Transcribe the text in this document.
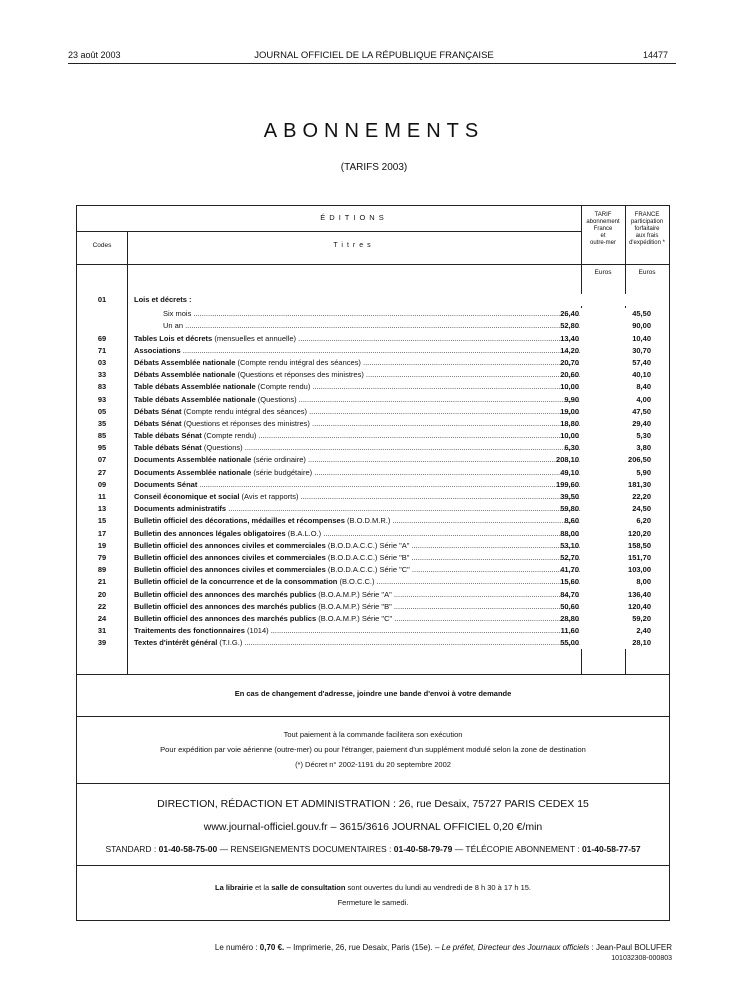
23 août 2003	JOURNAL OFFICIEL DE LA RÉPUBLIQUE FRANÇAISE	14477
ABONNEMENTS
(TARIFS 2003)
ÉDITIONS
Codes	Titres
TARIF
abonnement
France
et
outre-mer
FRANCE
participation
forfaitaire
aux frais
d'expédition *
Euros	Euros
01	Lois et décrets :
Six mois .....	26,40	45,50
Un an .....	52,80	90,00
69	Tables Lois et décrets (mensuelles et annuelle) .....	13,40	10,40
71	Associations .....	14,20	30,70
03	Débats Assemblée nationale (Compte rendu intégral des séances) .....	20,70	57,40
33	Débats Assemblée nationale (Questions et réponses des ministres) .....	20,60	40,10
83	Table débats Assemblée nationale (Compte rendu) .....	10,00	8,40
93	Table débats Assemblée nationale (Questions) .....	9,90	4,00
05	Débats Sénat (Compte rendu intégral des séances) .....	19,00	47,50
35	Débats Sénat (Questions et réponses des ministres) .....	18,80	29,40
85	Table débats Sénat (Compte rendu) .....	10,00	5,30
95	Table débats Sénat (Questions) .....	6,30	3,80
07	Documents Assemblée nationale (série ordinaire) .....	208,10	206,50
27	Documents Assemblée nationale (série budgétaire) .....	49,10	5,90
09	Documents Sénat .....	199,60	181,30
11	Conseil économique et social (Avis et rapports) .....	39,50	22,20
13	Documents administratifs .....	59,80	24,50
15	Bulletin officiel des décorations, médailles et récompenses (B.O.D.M.R.) .....	8,60	6,20
17	Bulletin des annonces légales obligatoires (B.A.L.O.) .....	88,00	120,20
19	Bulletin officiel des annonces civiles et commerciales (B.O.D.A.C.C.) Série "A" .....	53,10	158,50
79	Bulletin officiel des annonces civiles et commerciales (B.O.D.A.C.C.) Série "B" .....	52,70	151,70
89	Bulletin officiel des annonces civiles et commerciales (B.O.D.A.C.C.) Série "C" .....	41,70	103,00
21	Bulletin officiel de la concurrence et de la consommation (B.O.C.C.) .....	15,60	8,00
20	Bulletin officiel des annonces des marchés publics (B.O.A.M.P.) Série "A" .....	84,70	136,40
22	Bulletin officiel des annonces des marchés publics (B.O.A.M.P.) Série "B" .....	50,60	120,40
24	Bulletin officiel des annonces des marchés publics (B.O.A.M.P.) Série "C" .....	28,80	59,20
31	Traitements des fonctionnaires (1014) .....	11,60	2,40
39	Textes d'intérêt général (T.I.G.) .....	55,00	28,10
En cas de changement d'adresse, joindre une bande d'envoi à votre demande
Tout paiement à la commande facilitera son exécution
Pour expédition par voie aérienne (outre-mer) ou pour l'étranger, paiement d'un supplément modulé selon la zone de destination
(*) Décret n° 2002-1191 du 20 septembre 2002
DIRECTION, RÉDACTION ET ADMINISTRATION : 26, rue Desaix, 75727 PARIS CEDEX 15
www.journal-officiel.gouv.fr – 3615/3616 JOURNAL OFFICIEL 0,20 €/min
STANDARD : 01-40-58-75-00 — RENSEIGNEMENTS DOCUMENTAIRES : 01-40-58-79-79 — TÉLÉCOPIE ABONNEMENT : 01-40-58-77-57
La librairie et la salle de consultation sont ouvertes du lundi au vendredi de 8 h 30 à 17 h 15.
Fermeture le samedi.
Le numéro : 0,70 €. – Imprimerie, 26, rue Desaix, Paris (15e). – Le préfet, Directeur des Journaux officiels : Jean-Paul BOLUFER
101032308-000803
